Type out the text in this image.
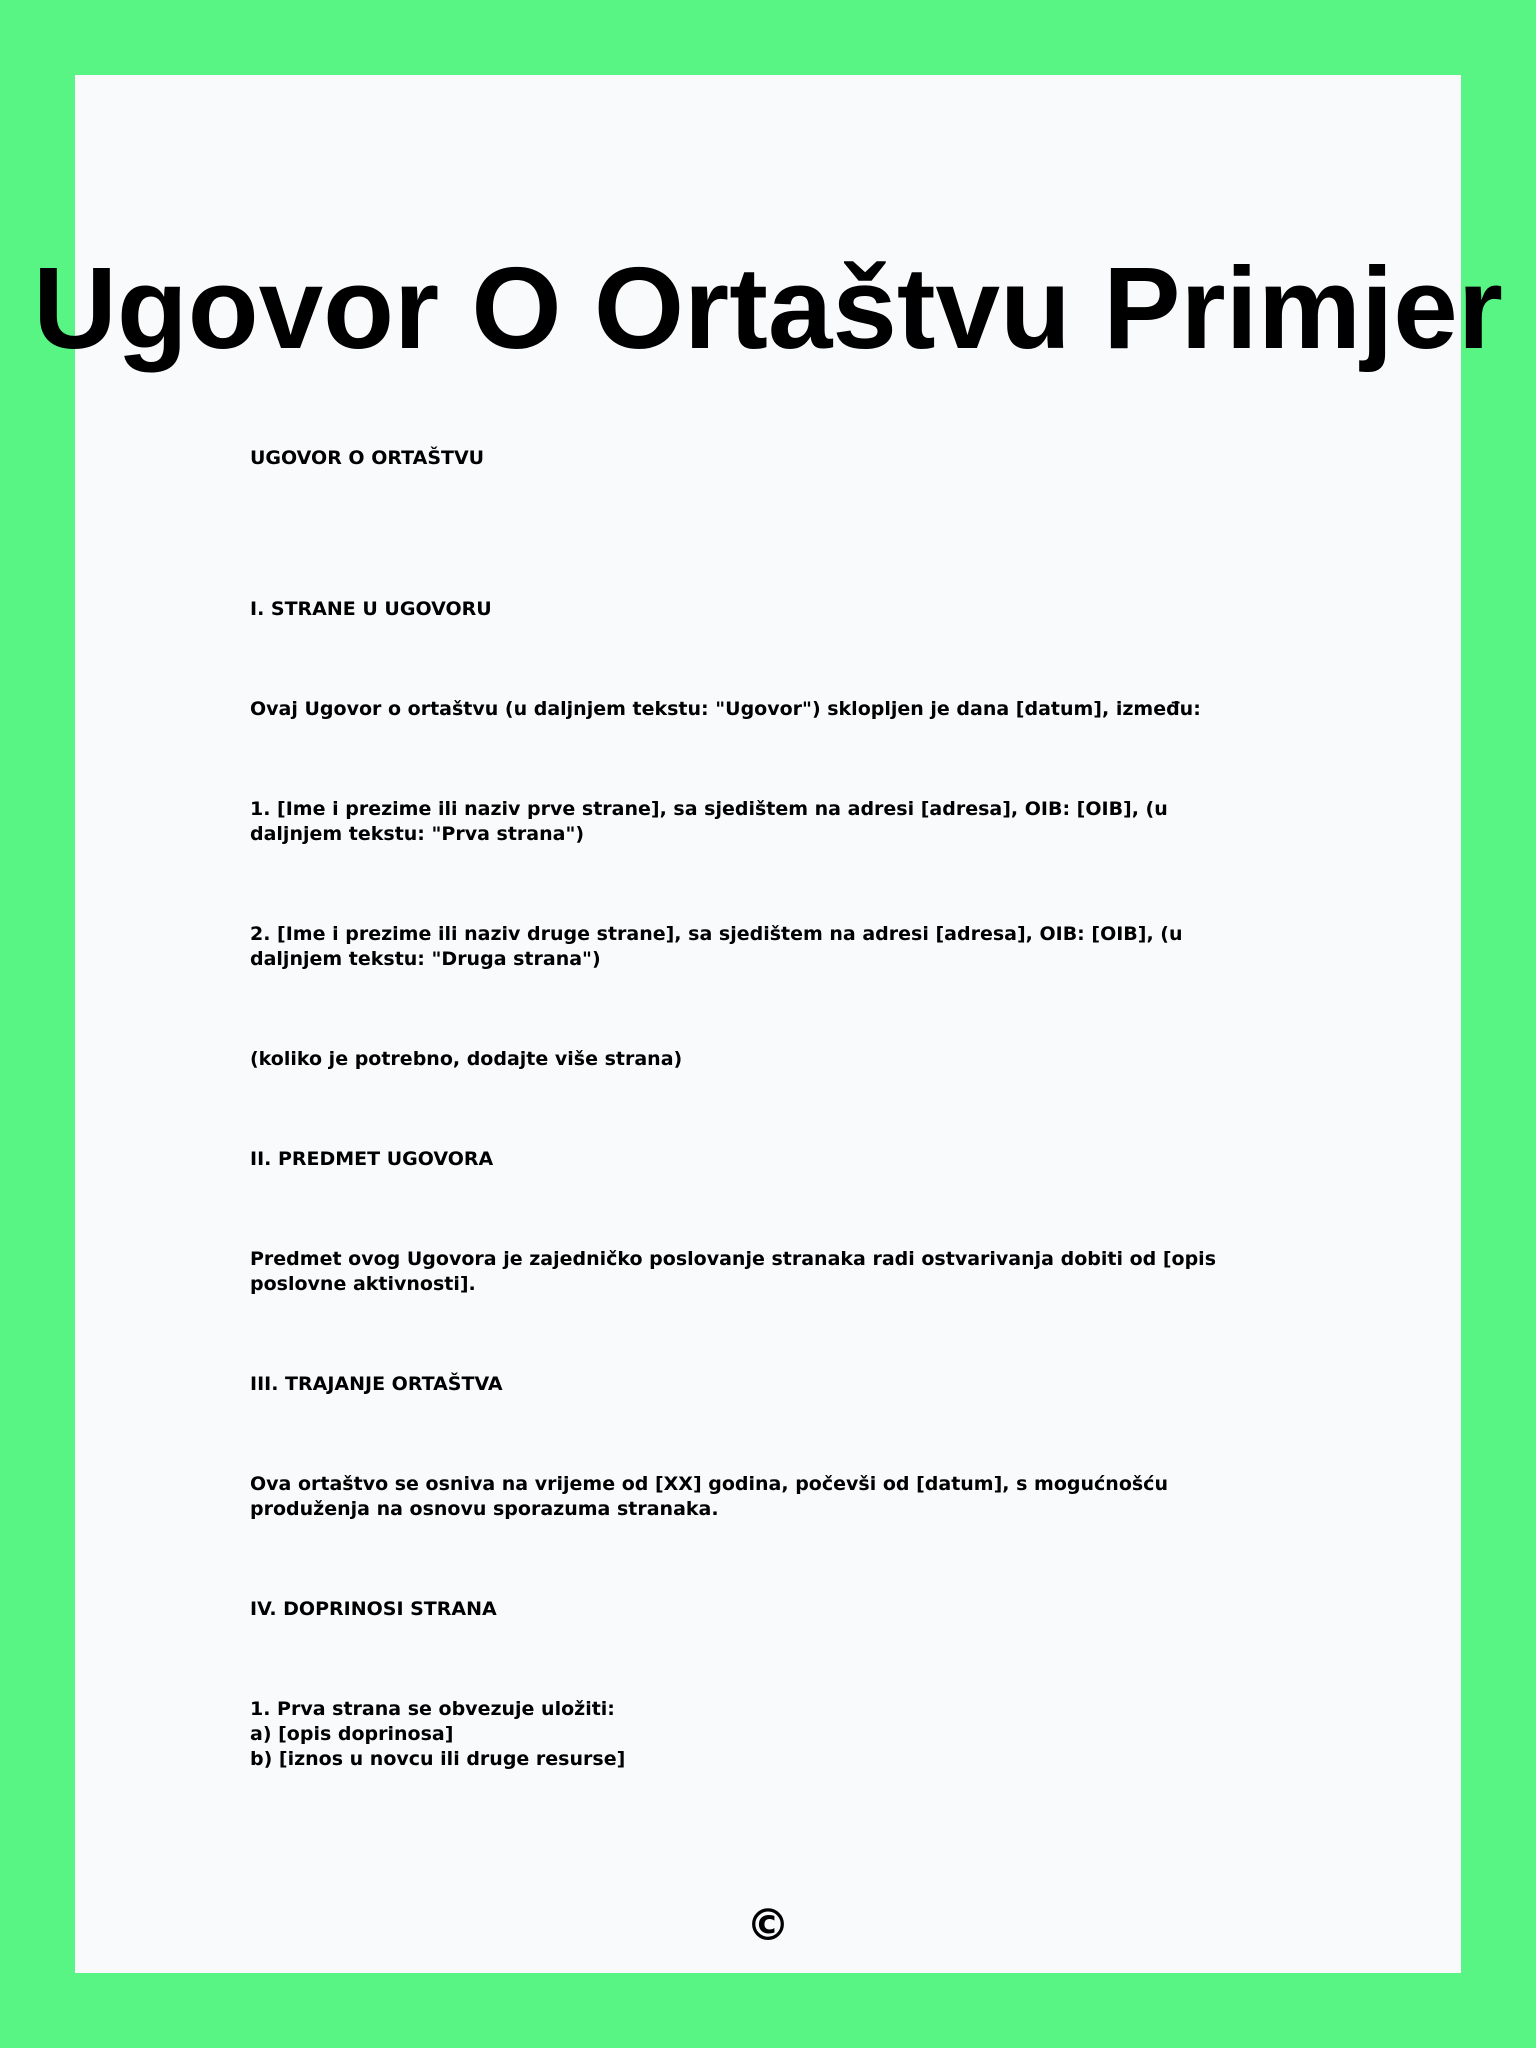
Ugovor O Ortaštvu Primjer

UGOVOR O ORTAŠTVU

I. STRANE U UGOVORU

Ovaj Ugovor o ortaštvu (u daljnjem tekstu: "Ugovor") sklopljen je dana [datum], između:

1. [Ime i prezime ili naziv prve strane], sa sjedištem na adresi [adresa], OIB: [OIB], (u daljnjem tekstu: "Prva strana")

2. [Ime i prezime ili naziv druge strane], sa sjedištem na adresi [adresa], OIB: [OIB], (u daljnjem tekstu: "Druga strana")

(koliko je potrebno, dodajte više strana)

II. PREDMET UGOVORA

Predmet ovog Ugovora je zajedničko poslovanje stranaka radi ostvarivanja dobiti od [opis poslovne aktivnosti].

III. TRAJANJE ORTAŠTVA

Ova ortaštvo se osniva na vrijeme od [XX] godina, počevši od [datum], s mogućnošću produženja na osnovu sporazuma stranaka.

IV. DOPRINOSI STRANA

1. Prva strana se obvezuje uložiti:
a) [opis doprinosa]
b) [iznos u novcu ili druge resurse]

©
